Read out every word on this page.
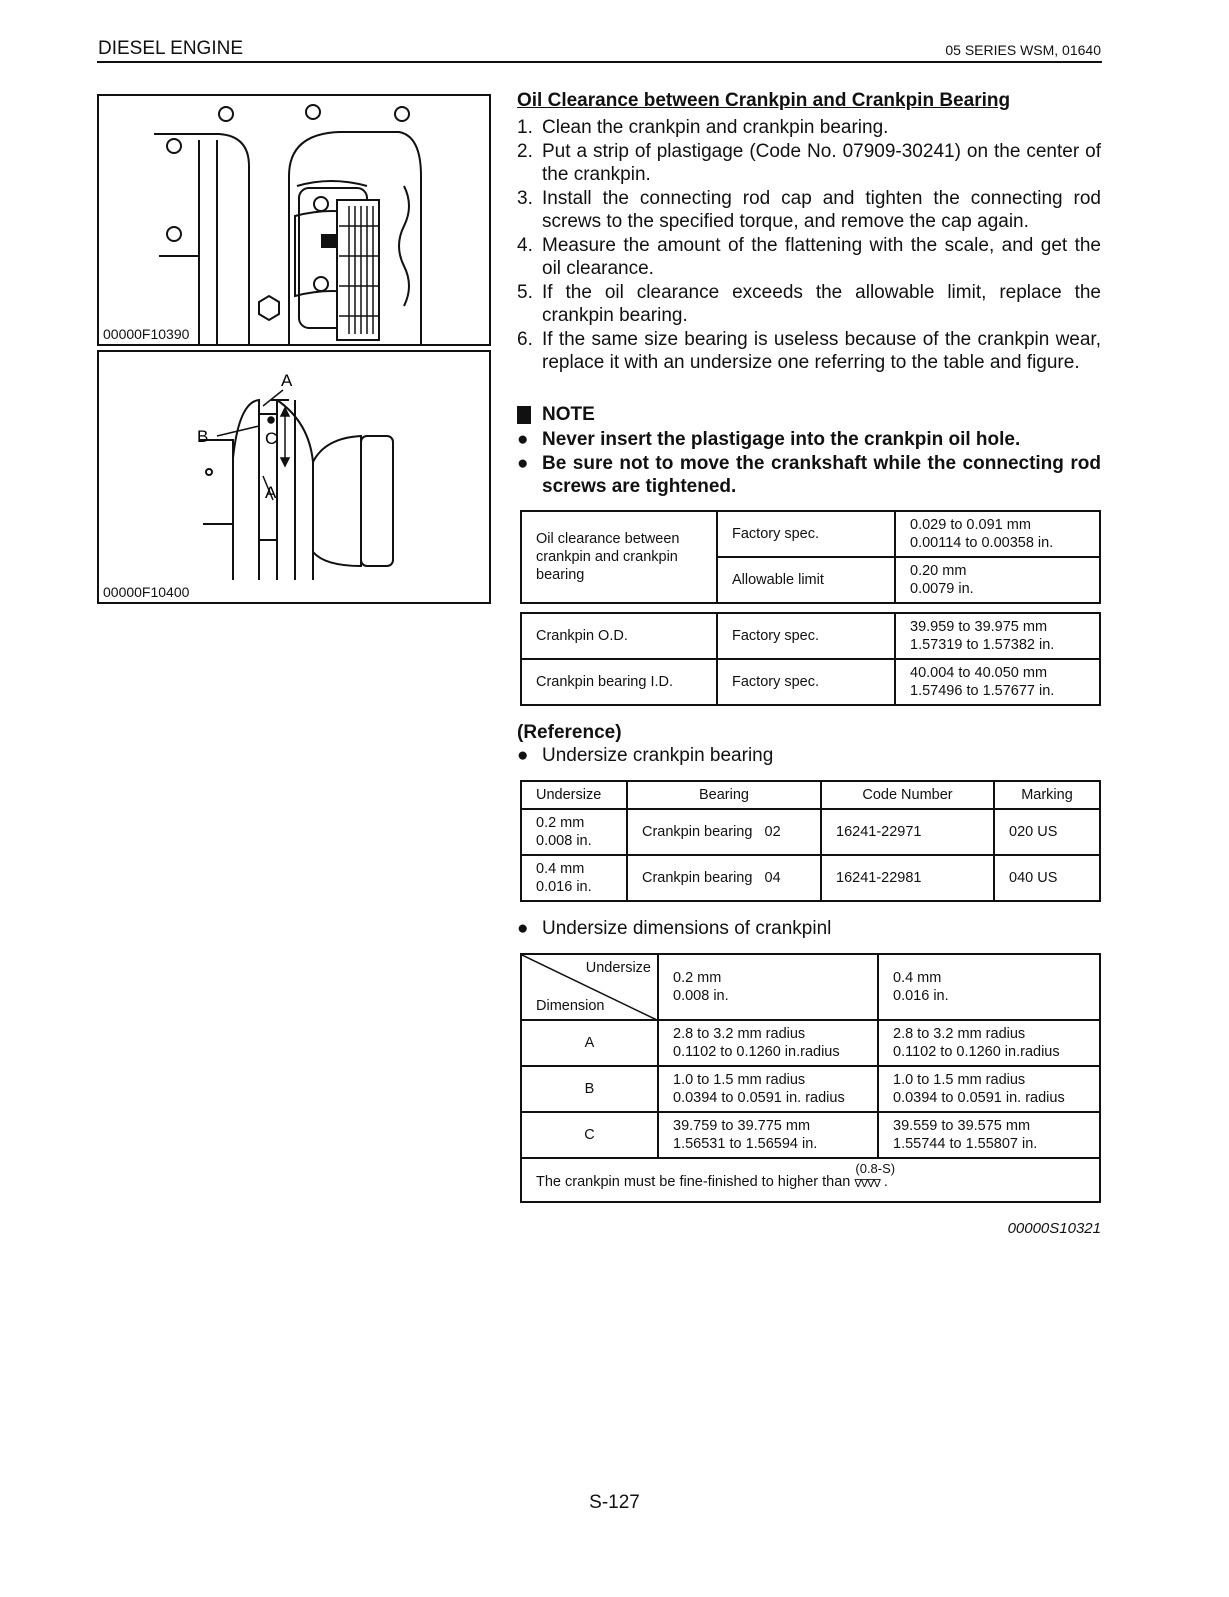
DIESEL ENGINE	05 SERIES WSM, 01640
00000F10390
A
B	C
A
00000F10400
Oil Clearance between Crankpin and Crankpin Bearing
1. Clean the crankpin and crankpin bearing.
2. Put a strip of plastigage (Code No. 07909-30241) on the center of the crankpin.
3. Install the connecting rod cap and tighten the connecting rod screws to the specified torque, and remove the cap again.
4. Measure the amount of the flattening with the scale, and get the oil clearance.
5. If the oil clearance exceeds the allowable limit, replace the crankpin bearing.
6. If the same size bearing is useless because of the crankpin wear, replace it with an undersize one referring to the table and figure.
NOTE
● Never insert the plastigage into the crankpin oil hole.
● Be sure not to move the crankshaft while the connecting rod screws are tightened.
Oil clearance between crankpin and crankpin bearing	Factory spec.	0.029 to 0.091 mm
0.00114 to 0.00358 in.
	Allowable limit	0.20 mm
0.0079 in.
Crankpin O.D.	Factory spec.	39.959 to 39.975 mm
1.57319 to 1.57382 in.
Crankpin bearing I.D.	Factory spec.	40.004 to 40.050 mm
1.57496 to 1.57677 in.
(Reference)
● Undersize crankpin bearing
Undersize	Bearing	Code Number	Marking
0.2 mm
0.008 in.	Crankpin bearing   02	16241-22971	020 US
0.4 mm
0.016 in.	Crankpin bearing   04	16241-22981	040 US
● Undersize dimensions of crankpinl
Undersize
Dimension	0.2 mm
0.008 in.	0.4 mm
0.016 in.
A	2.8 to 3.2 mm radius
0.1102 to 0.1260 in.radius	2.8 to 3.2 mm radius
0.1102 to 0.1260 in.radius
B	1.0 to 1.5 mm radius
0.0394 to 0.0591 in. radius	1.0 to 1.5 mm radius
0.0394 to 0.0591 in. radius
C	39.759 to 39.775 mm
1.56531 to 1.56594 in.	39.559 to 39.575 mm
1.55744 to 1.55807 in.
The crankpin must be fine-finished to higher than
(0.8-S)
∇∇∇∇ .		
00000S10321
S-127
